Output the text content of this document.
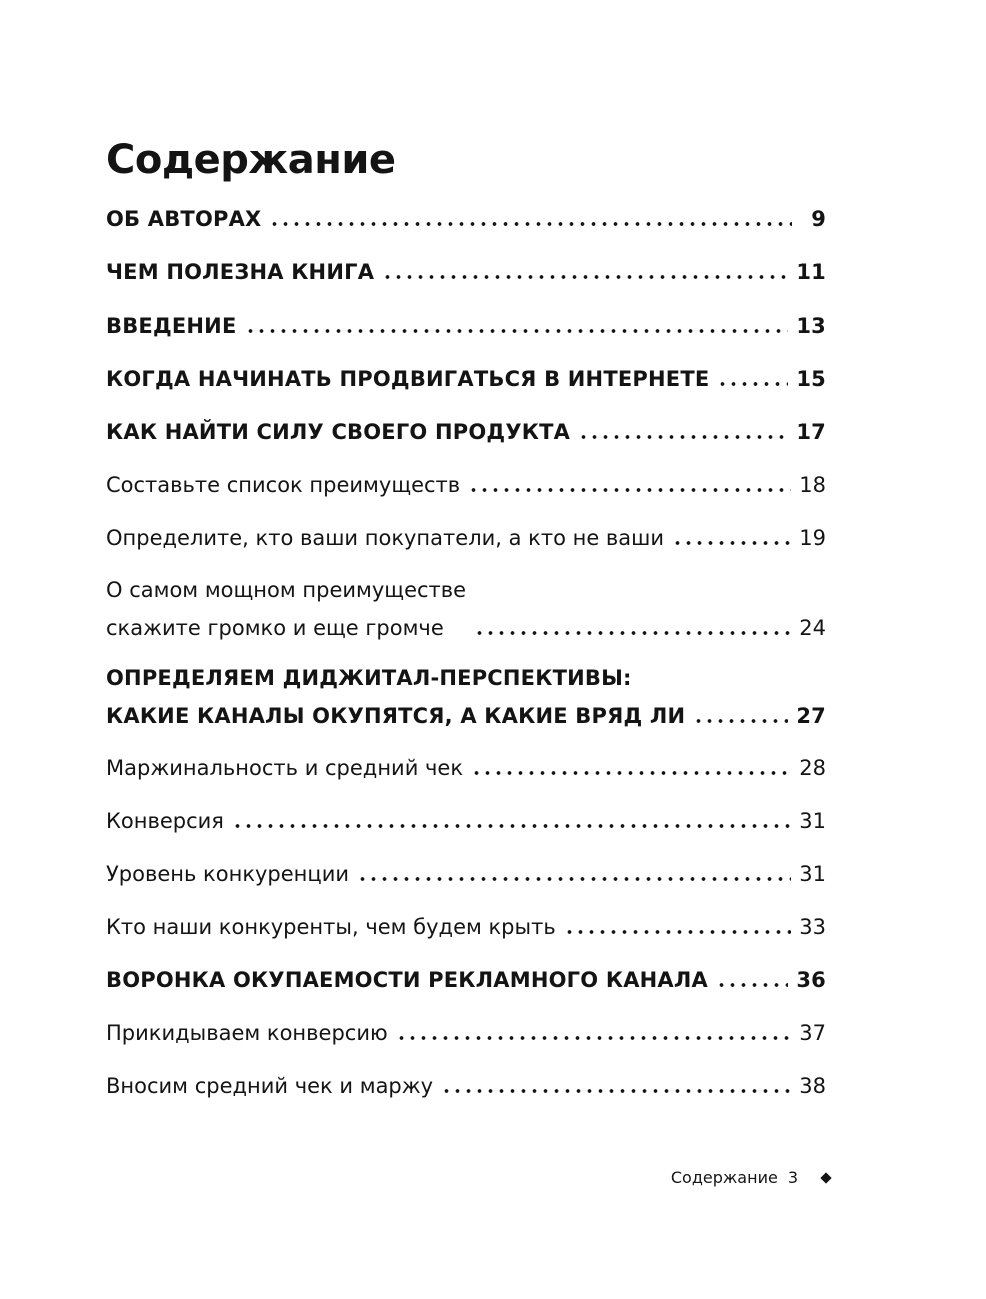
Содержание
ОБ АВТОРАХ	9
ЧЕМ ПОЛЕЗНА КНИГА	11
ВВЕДЕНИЕ	13
КОГДА НАЧИНАТЬ ПРОДВИГАТЬСЯ В ИНТЕРНЕТЕ	15
КАК НАЙТИ СИЛУ СВОЕГО ПРОДУКТА	17
Составьте список преимуществ	18
Определите, кто ваши покупатели, а кто не ваши	19
О самом мощном преимуществе
скажите громко и еще громче	24
ОПРЕДЕЛЯЕМ ДИДЖИТАЛ-ПЕРСПЕКТИВЫ:
КАКИЕ КАНАЛЫ ОКУПЯТСЯ, А КАКИЕ ВРЯД ЛИ	27
Маржинальность и средний чек	28
Конверсия	31
Уровень конкуренции	31
Кто наши конкуренты, чем будем крыть	33
ВОРОНКА ОКУПАЕМОСТИ РЕКЛАМНОГО КАНАЛА	36
Прикидываем конверсию	37
Вносим средний чек и маржу	38
Содержание 3
